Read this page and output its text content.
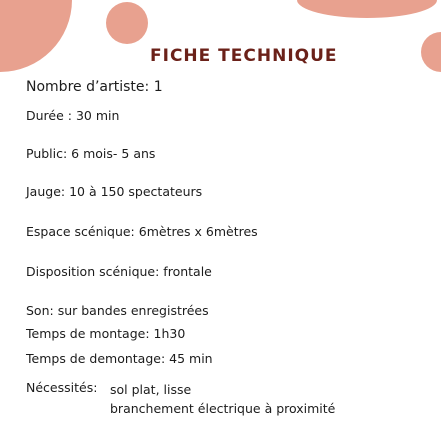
FICHE TECHNIQUE
Nombre d’artiste: 1
Durée : 30 min
Public: 6 mois- 5 ans
Jauge: 10 à 150 spectateurs
Espace scénique: 6mètres x 6mètres
Disposition scénique: frontale
Son: sur bandes enregistrées
Temps de montage: 1h30
Temps de demontage: 45 min
Nécessités: sol plat, lisse
branchement électrique à proximité
